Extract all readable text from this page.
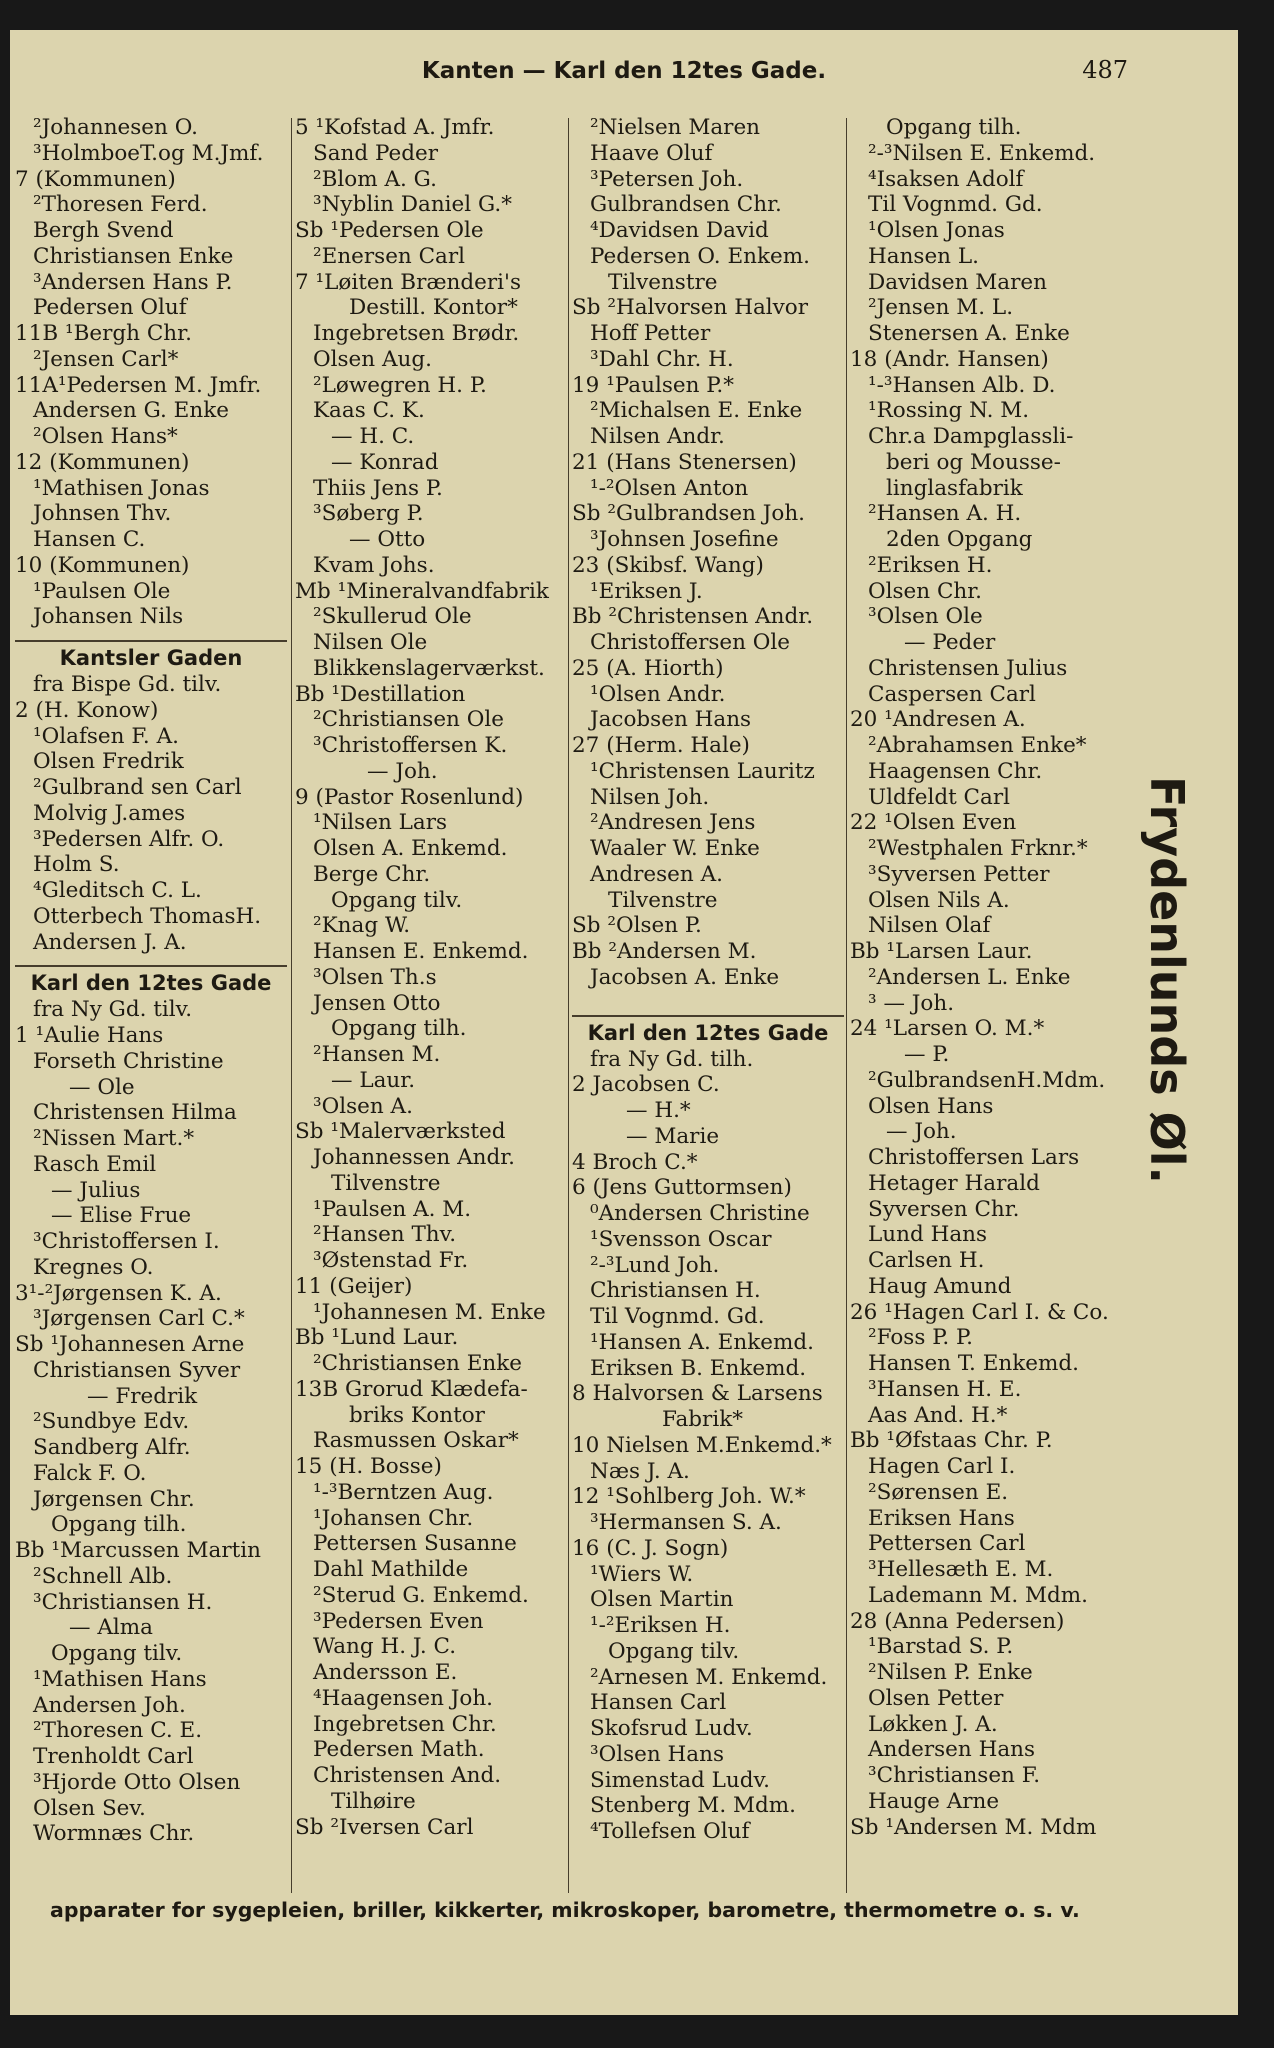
Kanten — Karl den 12tes Gade.	487
²Johannesen O.
³HolmboeT.og M.Jmf.
7 (Kommunen)
²Thoresen Ferd.
Bergh Svend
Christiansen Enke
³Andersen Hans P.
Pedersen Oluf
11B ¹Bergh Chr.
²Jensen Carl*
11A¹Pedersen M. Jmfr.
Andersen G. Enke
²Olsen Hans*
12 (Kommunen)
¹Mathisen Jonas
Johnsen Thv.
Hansen C.
10 (Kommunen)
¹Paulsen Ole
Johansen Nils
Kantsler Gaden
fra Bispe Gd. tilv.
2 (H. Konow)
¹Olafsen F. A.
Olsen Fredrik
²Gulbrand sen Carl
Molvig J.ames
³Pedersen Alfr. O.
Holm S.
⁴Gleditsch C. L.
Otterbech ThomasH.
Andersen J. A.
Karl den 12tes Gade
fra Ny Gd. tilv.
1 ¹Aulie Hans
Forseth Christine
— Ole
Christensen Hilma
²Nissen Mart.*
Rasch Emil
— Julius
— Elise Frue
³Christoffersen I.
Kregnes O.
3¹-²Jørgensen K. A.
³Jørgensen Carl C.*
Sb ¹Johannesen Arne
Christiansen Syver
— Fredrik
²Sundbye Edv.
Sandberg Alfr.
Falck F. O.
Jørgensen Chr.
Opgang tilh.
Bb ¹Marcussen Martin
²Schnell Alb.
³Christiansen H.
— Alma
Opgang tilv.
¹Mathisen Hans
Andersen Joh.
²Thoresen C. E.
Trenholdt Carl
³Hjorde Otto Olsen
Olsen Sev.
Wormnæs Chr.
5 ¹Kofstad A. Jmfr.
Sand Peder
²Blom A. G.
³Nyblin Daniel G.*
Sb ¹Pedersen Ole
²Enersen Carl
7 ¹Løiten Brænderi's
Destill. Kontor*
Ingebretsen Brødr.
Olsen Aug.
²Løwegren H. P.
Kaas C. K.
— H. C.
— Konrad
Thiis Jens P.
³Søberg P.
— Otto
Kvam Johs.
Mb ¹Mineralvandfabrik
²Skullerud Ole
Nilsen Ole
Blikkenslagerværkst.
Bb ¹Destillation
²Christiansen Ole
³Christoffersen K.
— Joh.
9 (Pastor Rosenlund)
¹Nilsen Lars
Olsen A. Enkemd.
Berge Chr.
Opgang tilv.
²Knag W.
Hansen E. Enkemd.
³Olsen Th.s
Jensen Otto
Opgang tilh.
²Hansen M.
— Laur.
³Olsen A.
Sb ¹Malerværksted
Johannessen Andr.
Tilvenstre
¹Paulsen A. M.
²Hansen Thv.
³Østenstad Fr.
11 (Geijer)
¹Johannesen M. Enke
Bb ¹Lund Laur.
²Christiansen Enke
13B Grorud Klædefa-
briks Kontor
Rasmussen Oskar*
15 (H. Bosse)
¹-³Berntzen Aug.
¹Johansen Chr.
Pettersen Susanne
Dahl Mathilde
²Sterud G. Enkemd.
³Pedersen Even
Wang H. J. C.
Andersson E.
⁴Haagensen Joh.
Ingebretsen Chr.
Pedersen Math.
Christensen And.
Tilhøire
Sb ²Iversen Carl
²Nielsen Maren
Haave Oluf
³Petersen Joh.
Gulbrandsen Chr.
⁴Davidsen David
Pedersen O. Enkem.
Tilvenstre
Sb ²Halvorsen Halvor
Hoff Petter
³Dahl Chr. H.
19 ¹Paulsen P.*
²Michalsen E. Enke
Nilsen Andr.
21 (Hans Stenersen)
¹-²Olsen Anton
Sb ²Gulbrandsen Joh.
³Johnsen Josefine
23 (Skibsf. Wang)
¹Eriksen J.
Bb ²Christensen Andr.
Christoffersen Ole
25 (A. Hiorth)
¹Olsen Andr.
Jacobsen Hans
27 (Herm. Hale)
¹Christensen Lauritz
Nilsen Joh.
²Andresen Jens
Waaler W. Enke
Andresen A.
Tilvenstre
Sb ²Olsen P.
Bb ²Andersen M.
Jacobsen A. Enke
Karl den 12tes Gade
fra Ny Gd. tilh.
2 Jacobsen C.
— H.*
— Marie
4 Broch C.*
6 (Jens Guttormsen)
⁰Andersen Christine
¹Svensson Oscar
²-³Lund Joh.
Christiansen H.
Til Vognmd. Gd.
¹Hansen A. Enkemd.
Eriksen B. Enkemd.
8 Halvorsen & Larsens
Fabrik*
10 Nielsen M.Enkemd.*
Næs J. A.
12 ¹Sohlberg Joh. W.*
³Hermansen S. A.
16 (C. J. Sogn)
¹Wiers W.
Olsen Martin
¹-²Eriksen H.
Opgang tilv.
²Arnesen M. Enkemd.
Hansen Carl
Skofsrud Ludv.
³Olsen Hans
Simenstad Ludv.
Stenberg M. Mdm.
⁴Tollefsen Oluf
Opgang tilh.
²-³Nilsen E. Enkemd.
⁴Isaksen Adolf
Til Vognmd. Gd.
¹Olsen Jonas
Hansen L.
Davidsen Maren
²Jensen M. L.
Stenersen A. Enke
18 (Andr. Hansen)
¹-³Hansen Alb. D.
¹Rossing N. M.
Chr.a Dampglassli-
beri og Mousse-
linglasfabrik
²Hansen A. H.
2den Opgang
²Eriksen H.
Olsen Chr.
³Olsen Ole
— Peder
Christensen Julius
Caspersen Carl
20 ¹Andresen A.
²Abrahamsen Enke*
Haagensen Chr.
Uldfeldt Carl
22 ¹Olsen Even
²Westphalen Frknr.*
³Syversen Petter
Olsen Nils A.
Nilsen Olaf
Bb ¹Larsen Laur.
²Andersen L. Enke
³ — Joh.
24 ¹Larsen O. M.*
— P.
²GulbrandsenH.Mdm.
Olsen Hans
— Joh.
Christoffersen Lars
Hetager Harald
Syversen Chr.
Lund Hans
Carlsen H.
Haug Amund
26 ¹Hagen Carl I. & Co.
²Foss P. P.
Hansen T. Enkemd.
³Hansen H. E.
Aas And. H.*
Bb ¹Øfstaas Chr. P.
Hagen Carl I.
²Sørensen E.
Eriksen Hans
Pettersen Carl
³Hellesæth E. M.
Lademann M. Mdm.
28 (Anna Pedersen)
¹Barstad S. P.
²Nilsen P. Enke
Olsen Petter
Løkken J. A.
Andersen Hans
³Christiansen F.
Hauge Arne
Sb ¹Andersen M. Mdm
Frydenlunds Øl.
apparater for sygepleien, briller, kikkerter, mikroskoper, barometre, thermometre o. s. v.
